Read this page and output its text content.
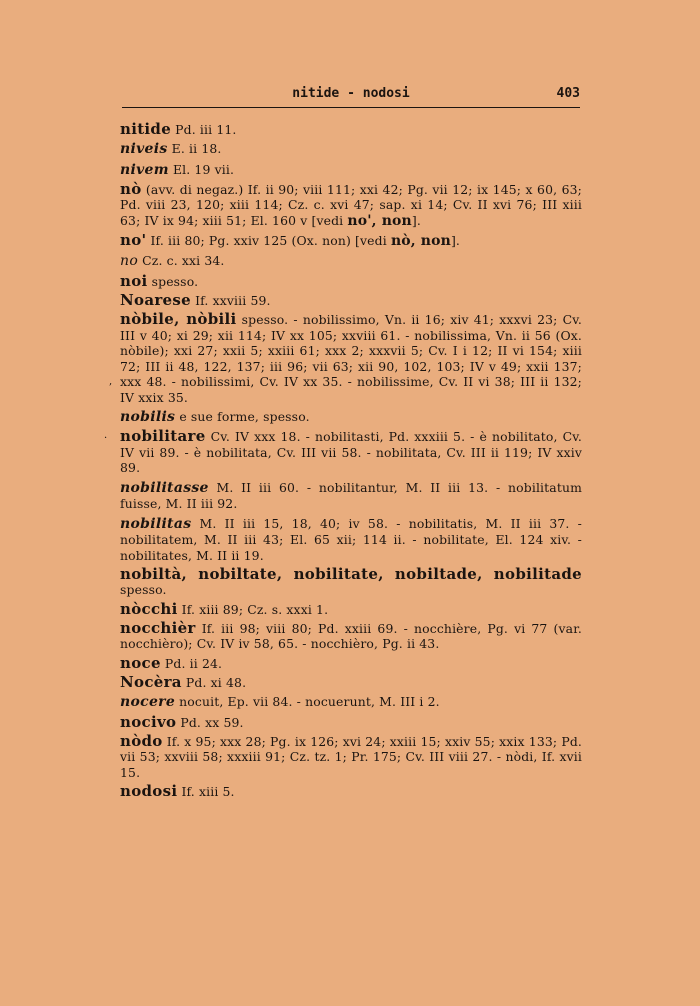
nitide - nodosi	403
nitide Pd. iii 11.
niveis E. ii 18.
nivem El. 19 vii.
nò (avv. di negaz.) If. ii 90; viii 111; xxi 42; Pg. vii 12; ix 145; x 60, 63; Pd. viii 23, 120; xiii 114; Cz. c. xvi 47; sap. xi 14; Cv. II xvi 76; III xiii 63; IV ix 94; xiii 51; El. 160 v [vedi no', non].
no' If. iii 80; Pg. xxiv 125 (Ox. non) [vedi nò, non].
no Cz. c. xxi 34.
noi spesso.
Noarese If. xxviii 59.
nòbile, nòbili spesso. - nobilissimo, Vn. ii 16; xiv 41; xxxvi 23; Cv. III v 40; xi 29; xii 114; IV xx 105; xxviii 61. - nobilissima, Vn. ii 56 (Ox. nòbile); xxi 27; xxii 5; xxiii 61; xxx 2; xxxvii 5; Cv. I i 12; II vi 154; xiii 72; III ii 48, 122, 137; iii 96; vii 63; xii 90, 102, 103; IV v 49; xxii 137; xxx 48. - nobilissimi, Cv. IV xx 35. - nobilissime, Cv. II vi 38; III ii 132; IV xxix 35.
nobilis e sue forme, spesso.
nobilitare Cv. IV xxx 18. - nobilitasti, Pd. xxxiii 5. - è nobilitato, Cv. IV vii 89. - è nobilitata, Cv. III vii 58. - nobilitata, Cv. III ii 119; IV xxiv 89.
nobilitasse M. II iii 60. - nobilitantur, M. II iii 13. - nobilitatum fuisse, M. II iii 92.
nobilitas M. II iii 15, 18, 40; iv 58. - nobilitatis, M. II iii 37. - nobilitatem, M. II iii 43; El. 65 xii; 114 ii. - nobilitate, El. 124 xiv. - nobilitates, M. II ii 19.
nobiltà, nobiltate, nobilitate, nobiltade, nobilitade spesso.
nòcchi If. xiii 89; Cz. s. xxxi 1.
nocchièr If. iii 98; viii 80; Pd. xxiii 69. - nocchière, Pg. vi 77 (var. nocchièro); Cv. IV iv 58, 65. - nocchièro, Pg. ii 43.
noce Pd. ii 24.
Nocèra Pd. xi 48.
nocere nocuit, Ep. vii 84. - nocuerunt, M. III i 2.
nocivo Pd. xx 59.
nòdo If. x 95; xxx 28; Pg. ix 126; xvi 24; xxiii 15; xxiv 55; xxix 133; Pd. vii 53; xxviii 58; xxxiii 91; Cz. tz. 1; Pr. 175; Cv. III viii 27. - nòdi, If. xvii 15.
nodosi If. xiii 5.
,
·
